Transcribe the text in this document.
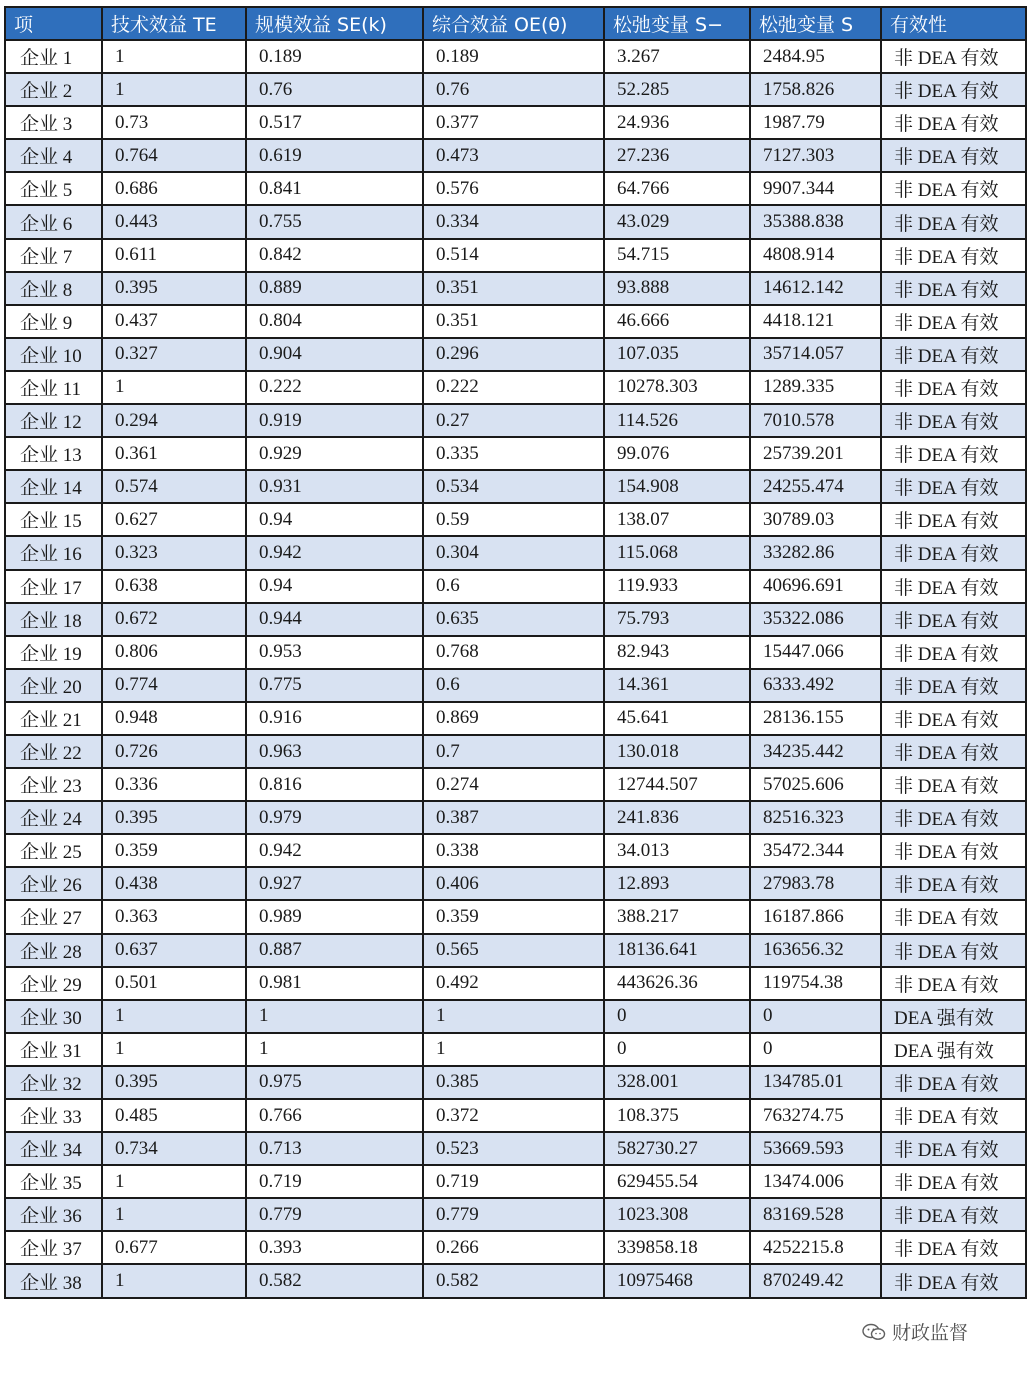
项	技术效益 TE	规模效益 SE(k)	综合效益 OE(θ)	松弛变量 S−	松弛变量 S	有效性
企业 1	1	0.189	0.189	3.267	2484.95	非 DEA 有效
企业 2	1	0.76	0.76	52.285	1758.826	非 DEA 有效
企业 3	0.73	0.517	0.377	24.936	1987.79	非 DEA 有效
企业 4	0.764	0.619	0.473	27.236	7127.303	非 DEA 有效
企业 5	0.686	0.841	0.576	64.766	9907.344	非 DEA 有效
企业 6	0.443	0.755	0.334	43.029	35388.838	非 DEA 有效
企业 7	0.611	0.842	0.514	54.715	4808.914	非 DEA 有效
企业 8	0.395	0.889	0.351	93.888	14612.142	非 DEA 有效
企业 9	0.437	0.804	0.351	46.666	4418.121	非 DEA 有效
企业 10	0.327	0.904	0.296	107.035	35714.057	非 DEA 有效
企业 11	1	0.222	0.222	10278.303	1289.335	非 DEA 有效
企业 12	0.294	0.919	0.27	114.526	7010.578	非 DEA 有效
企业 13	0.361	0.929	0.335	99.076	25739.201	非 DEA 有效
企业 14	0.574	0.931	0.534	154.908	24255.474	非 DEA 有效
企业 15	0.627	0.94	0.59	138.07	30789.03	非 DEA 有效
企业 16	0.323	0.942	0.304	115.068	33282.86	非 DEA 有效
企业 17	0.638	0.94	0.6	119.933	40696.691	非 DEA 有效
企业 18	0.672	0.944	0.635	75.793	35322.086	非 DEA 有效
企业 19	0.806	0.953	0.768	82.943	15447.066	非 DEA 有效
企业 20	0.774	0.775	0.6	14.361	6333.492	非 DEA 有效
企业 21	0.948	0.916	0.869	45.641	28136.155	非 DEA 有效
企业 22	0.726	0.963	0.7	130.018	34235.442	非 DEA 有效
企业 23	0.336	0.816	0.274	12744.507	57025.606	非 DEA 有效
企业 24	0.395	0.979	0.387	241.836	82516.323	非 DEA 有效
企业 25	0.359	0.942	0.338	34.013	35472.344	非 DEA 有效
企业 26	0.438	0.927	0.406	12.893	27983.78	非 DEA 有效
企业 27	0.363	0.989	0.359	388.217	16187.866	非 DEA 有效
企业 28	0.637	0.887	0.565	18136.641	163656.32	非 DEA 有效
企业 29	0.501	0.981	0.492	443626.36	119754.38	非 DEA 有效
企业 30	1	1	1	0	0	DEA 强有效
企业 31	1	1	1	0	0	DEA 强有效
企业 32	0.395	0.975	0.385	328.001	134785.01	非 DEA 有效
企业 33	0.485	0.766	0.372	108.375	763274.75	非 DEA 有效
企业 34	0.734	0.713	0.523	582730.27	53669.593	非 DEA 有效
企业 35	1	0.719	0.719	629455.54	13474.006	非 DEA 有效
企业 36	1	0.779	0.779	1023.308	83169.528	非 DEA 有效
企业 37	0.677	0.393	0.266	339858.18	4252215.8	非 DEA 有效
企业 38	1	0.582	0.582	10975468	870249.42	非 DEA 有效
财政监督
